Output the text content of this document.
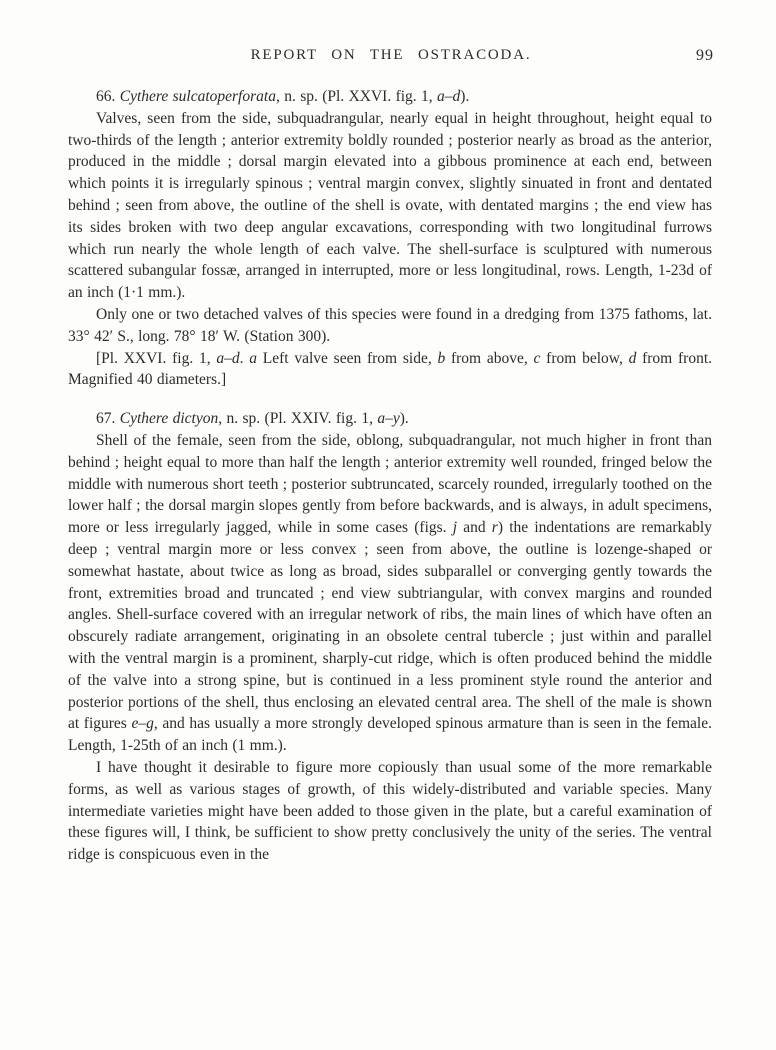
REPORT ON THE OSTRACODA.	99

66. Cythere sulcatoperforata, n. sp. (Pl. XXVI. fig. 1, a–d).

Valves, seen from the side, subquadrangular, nearly equal in height throughout, height equal to two-thirds of the length ; anterior extremity boldly rounded ; posterior nearly as broad as the anterior, produced in the middle ; dorsal margin elevated into a gibbous prominence at each end, between which points it is irregularly spinous ; ventral margin convex, slightly sinuated in front and dentated behind ; seen from above, the outline of the shell is ovate, with dentated margins ; the end view has its sides broken with two deep angular excavations, corresponding with two longitudinal furrows which run nearly the whole length of each valve. The shell-surface is sculptured with numerous scattered subangular fossæ, arranged in interrupted, more or less longitudinal, rows. Length, 1-23d of an inch (1·1 mm.).

Only one or two detached valves of this species were found in a dredging from 1375 fathoms, lat. 33° 42′ S., long. 78° 18′ W. (Station 300).

[Pl. XXVI. fig. 1, a–d. a Left valve seen from side, b from above, c from below, d from front. Magnified 40 diameters.]

67. Cythere dictyon, n. sp. (Pl. XXIV. fig. 1, a–y).

Shell of the female, seen from the side, oblong, subquadrangular, not much higher in front than behind ; height equal to more than half the length ; anterior extremity well rounded, fringed below the middle with numerous short teeth ; posterior subtruncated, scarcely rounded, irregularly toothed on the lower half ; the dorsal margin slopes gently from before backwards, and is always, in adult specimens, more or less irregularly jagged, while in some cases (figs. j and r) the indentations are remarkably deep ; ventral margin more or less convex ; seen from above, the outline is lozenge-shaped or somewhat hastate, about twice as long as broad, sides subparallel or converging gently towards the front, extremities broad and truncated ; end view subtriangular, with convex margins and rounded angles. Shell-surface covered with an irregular network of ribs, the main lines of which have often an obscurely radiate arrangement, originating in an obsolete central tubercle ; just within and parallel with the ventral margin is a prominent, sharply-cut ridge, which is often produced behind the middle of the valve into a strong spine, but is continued in a less prominent style round the anterior and posterior portions of the shell, thus enclosing an elevated central area. The shell of the male is shown at figures e–g, and has usually a more strongly developed spinous armature than is seen in the female. Length, 1-25th of an inch (1 mm.).

I have thought it desirable to figure more copiously than usual some of the more remarkable forms, as well as various stages of growth, of this widely-distributed and variable species. Many intermediate varieties might have been added to those given in the plate, but a careful examination of these figures will, I think, be sufficient to show pretty conclusively the unity of the series. The ventral ridge is conspicuous even in the
